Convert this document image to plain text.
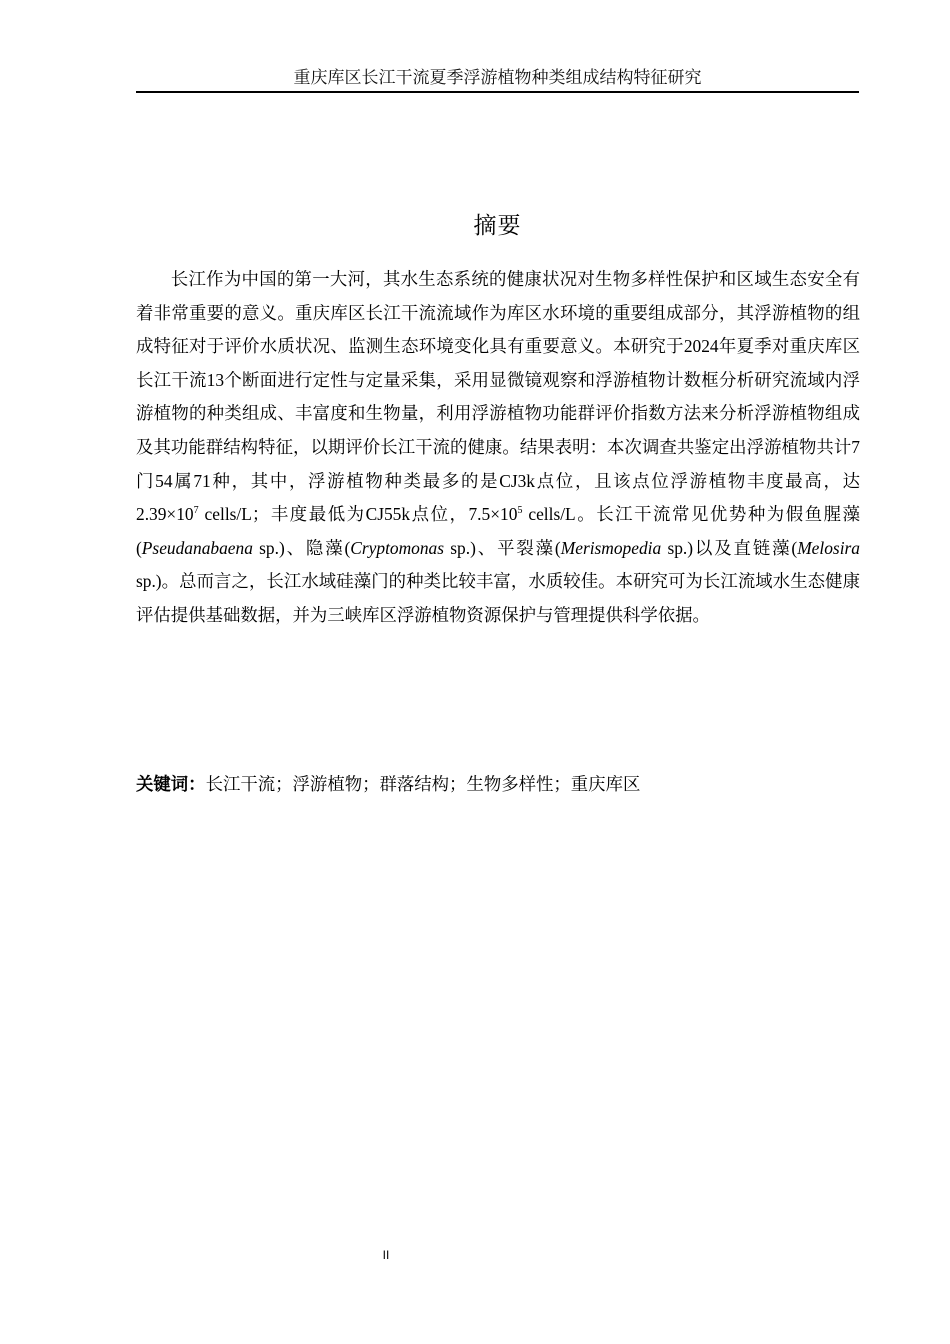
重庆库区长江干流夏季浮游植物种类组成结构特征研究
摘要

长江作为中国的第一大河，其水生态系统的健康状况对生物多样性保护和区域生态安全有着非常重要的意义。重庆库区长江干流流域作为库区水环境的重要组成部分，其浮游植物的组成特征对于评价水质状况、监测生态环境变化具有重要意义。本研究于2024年夏季对重庆库区长江干流13个断面进行定性与定量采集，采用显微镜观察和浮游植物计数框分析研究流域内浮游植物的种类组成、丰富度和生物量，利用浮游植物功能群评价指数方法来分析浮游植物组成及其功能群结构特征，以期评价长江干流的健康。结果表明：本次调查共鉴定出浮游植物共计7门54属71种，其中，浮游植物种类最多的是CJ3k点位，且该点位浮游植物丰度最高，达$2.39\times 10^7$ cells/L；丰度最低为CJ55k点位，$7.5\times 10^5$ cells/L。长江干流常见优势种为假鱼腥藻(Pseudanabaena sp.)、隐藻(Cryptomonas sp.)、平裂藻(Merismopedia sp.)以及直链藻(Melosira sp.)。总而言之，长江水域硅藻门的种类比较丰富，水质较佳。本研究可为长江流域水生态健康评估提供基础数据，并为三峡库区浮游植物资源保护与管理提供科学依据。

关键词：长江干流；浮游植物；群落结构；生物多样性；重庆库区
II
